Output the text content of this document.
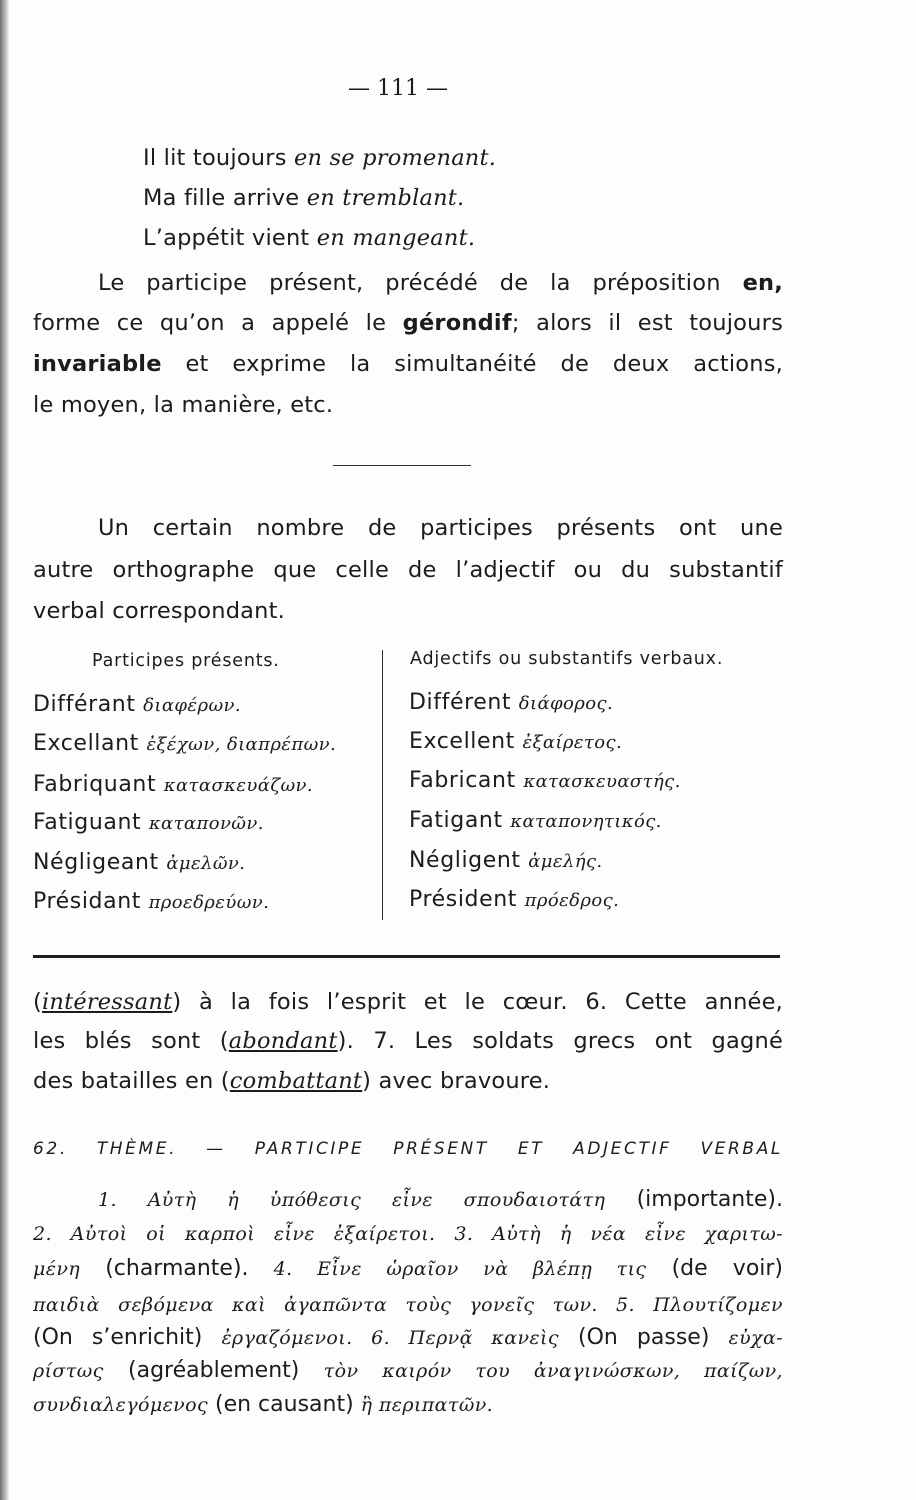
— 111 —
Il lit toujours en se promenant.
Ma fille arrive en tremblant.
L’appétit vient en mangeant.
Le participe présent, précédé de la préposition en,
forme ce qu’on a appelé le gérondif; alors il est toujours
invariable et exprime la simultanéité de deux actions,
le moyen, la manière, etc.
Un certain nombre de participes présents ont une
autre orthographe que celle de l’adjectif ou du substantif
verbal correspondant.
Participes présents.	Adjectifs ou substantifs verbaux.
Différant διαφέρων.
Excellant ἐξέχων, διαπρέπων.
Fabriquant κατασκευάζων.
Fatiguant καταπονῶν.
Négligeant ἀμελῶν.
Présidant προεδρεύων.
Différent διάφορος.
Excellent ἐξαίρετος.
Fabricant κατασκευαστής.
Fatigant καταπονητικός.
Négligent ἀμελής.
Président πρόεδρος.
(intéressant) à la fois l’esprit et le cœur. 6. Cette année,
les blés sont (abondant). 7. Les soldats grecs ont gagné
des batailles en (combattant) avec bravoure.
62. THÈME. — PARTICIPE PRÉSENT ET ADJECTIF VERBAL
1. Αὐτὴ ἡ ὑπόθεσις εἶνε σπουδαιοτάτη (importante).
2. Αὐτοὶ οἱ καρποὶ εἶνε ἐξαίρετοι. 3. Αὐτὴ ἡ νέα εἶνε χαριτω-
μένη (charmante). 4. Εἶνε ὡραῖον νὰ βλέπῃ τις (de voir)
παιδιὰ σεβόμενα καὶ ἀγαπῶντα τοὺς γονεῖς των. 5. Πλουτίζομεν
(On s’enrichit) ἐργαζόμενοι. 6. Περνᾷ κανεὶς (On passe) εὐχα-
ρίστως (agréablement) τὸν καιρόν του ἀναγινώσκων, παίζων,
συνδιαλεγόμενος (en causant) ἢ περιπατῶν.
